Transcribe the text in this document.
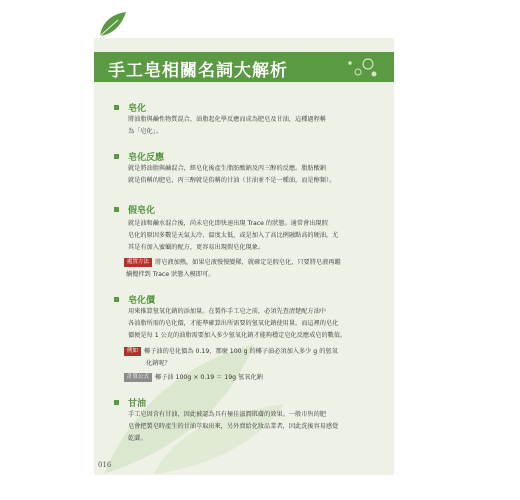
手工皂相關名詞大解析
皂化
將油脂與鹼性物質混合，油脂起化學反應而成為肥皂及甘油，這種過程稱
為「皂化」。
皂化反應
就是將油脂與鹼混合，經皂化後產生脂肪酸鈉及丙三醇的反應。脂肪酸鈉
就是俗稱的肥皂，丙三醇就是俗稱的甘油（甘油並不是一種油，而是醇類）。
假皂化
就是油和鹼水混合後，尚未皂化即快速出現 Trace 的狀態。通常會出現假
皂化的原因多數是天氣太冷、溫度太低，或是加入了高比例融點高的硬油，尤
其是有加入蜜蠟的配方，更容易出現假皂化現象。
處置方法 將皂液加熱，如果皂液慢慢變稀，就確定是假皂化，只要將皂液再繼
續攪拌到 Trace 狀態入模即可。
皂化價
用來推算氫氧化鈉的添加量。在製作手工皂之前，必須先查清楚配方油中
各油脂所需的皂化價，才能準確算出所需要的氫氧化鈉使用量。而這裡的皂化
價便是每 1 公克的油脂需要加入多少氫氧化鈉才能夠穩定皂化反應成皂的數值。
例如 椰子油的皂化價為 0.19，那麼 100 g 的椰子油必須加入多少 g 的氫氧
化鈉呢？
計算公式 椰子油 100g × 0.19 ＝ 19g 氫氧化鈉
甘油
手工皂因含有甘油，因此被認為具有極佳滋潤肌膚的效果。一般市售的肥
皂會把製皂時產生的甘油萃取出來，另外賣給化妝品業者，因此洗後容易感覺
乾澀。
016
